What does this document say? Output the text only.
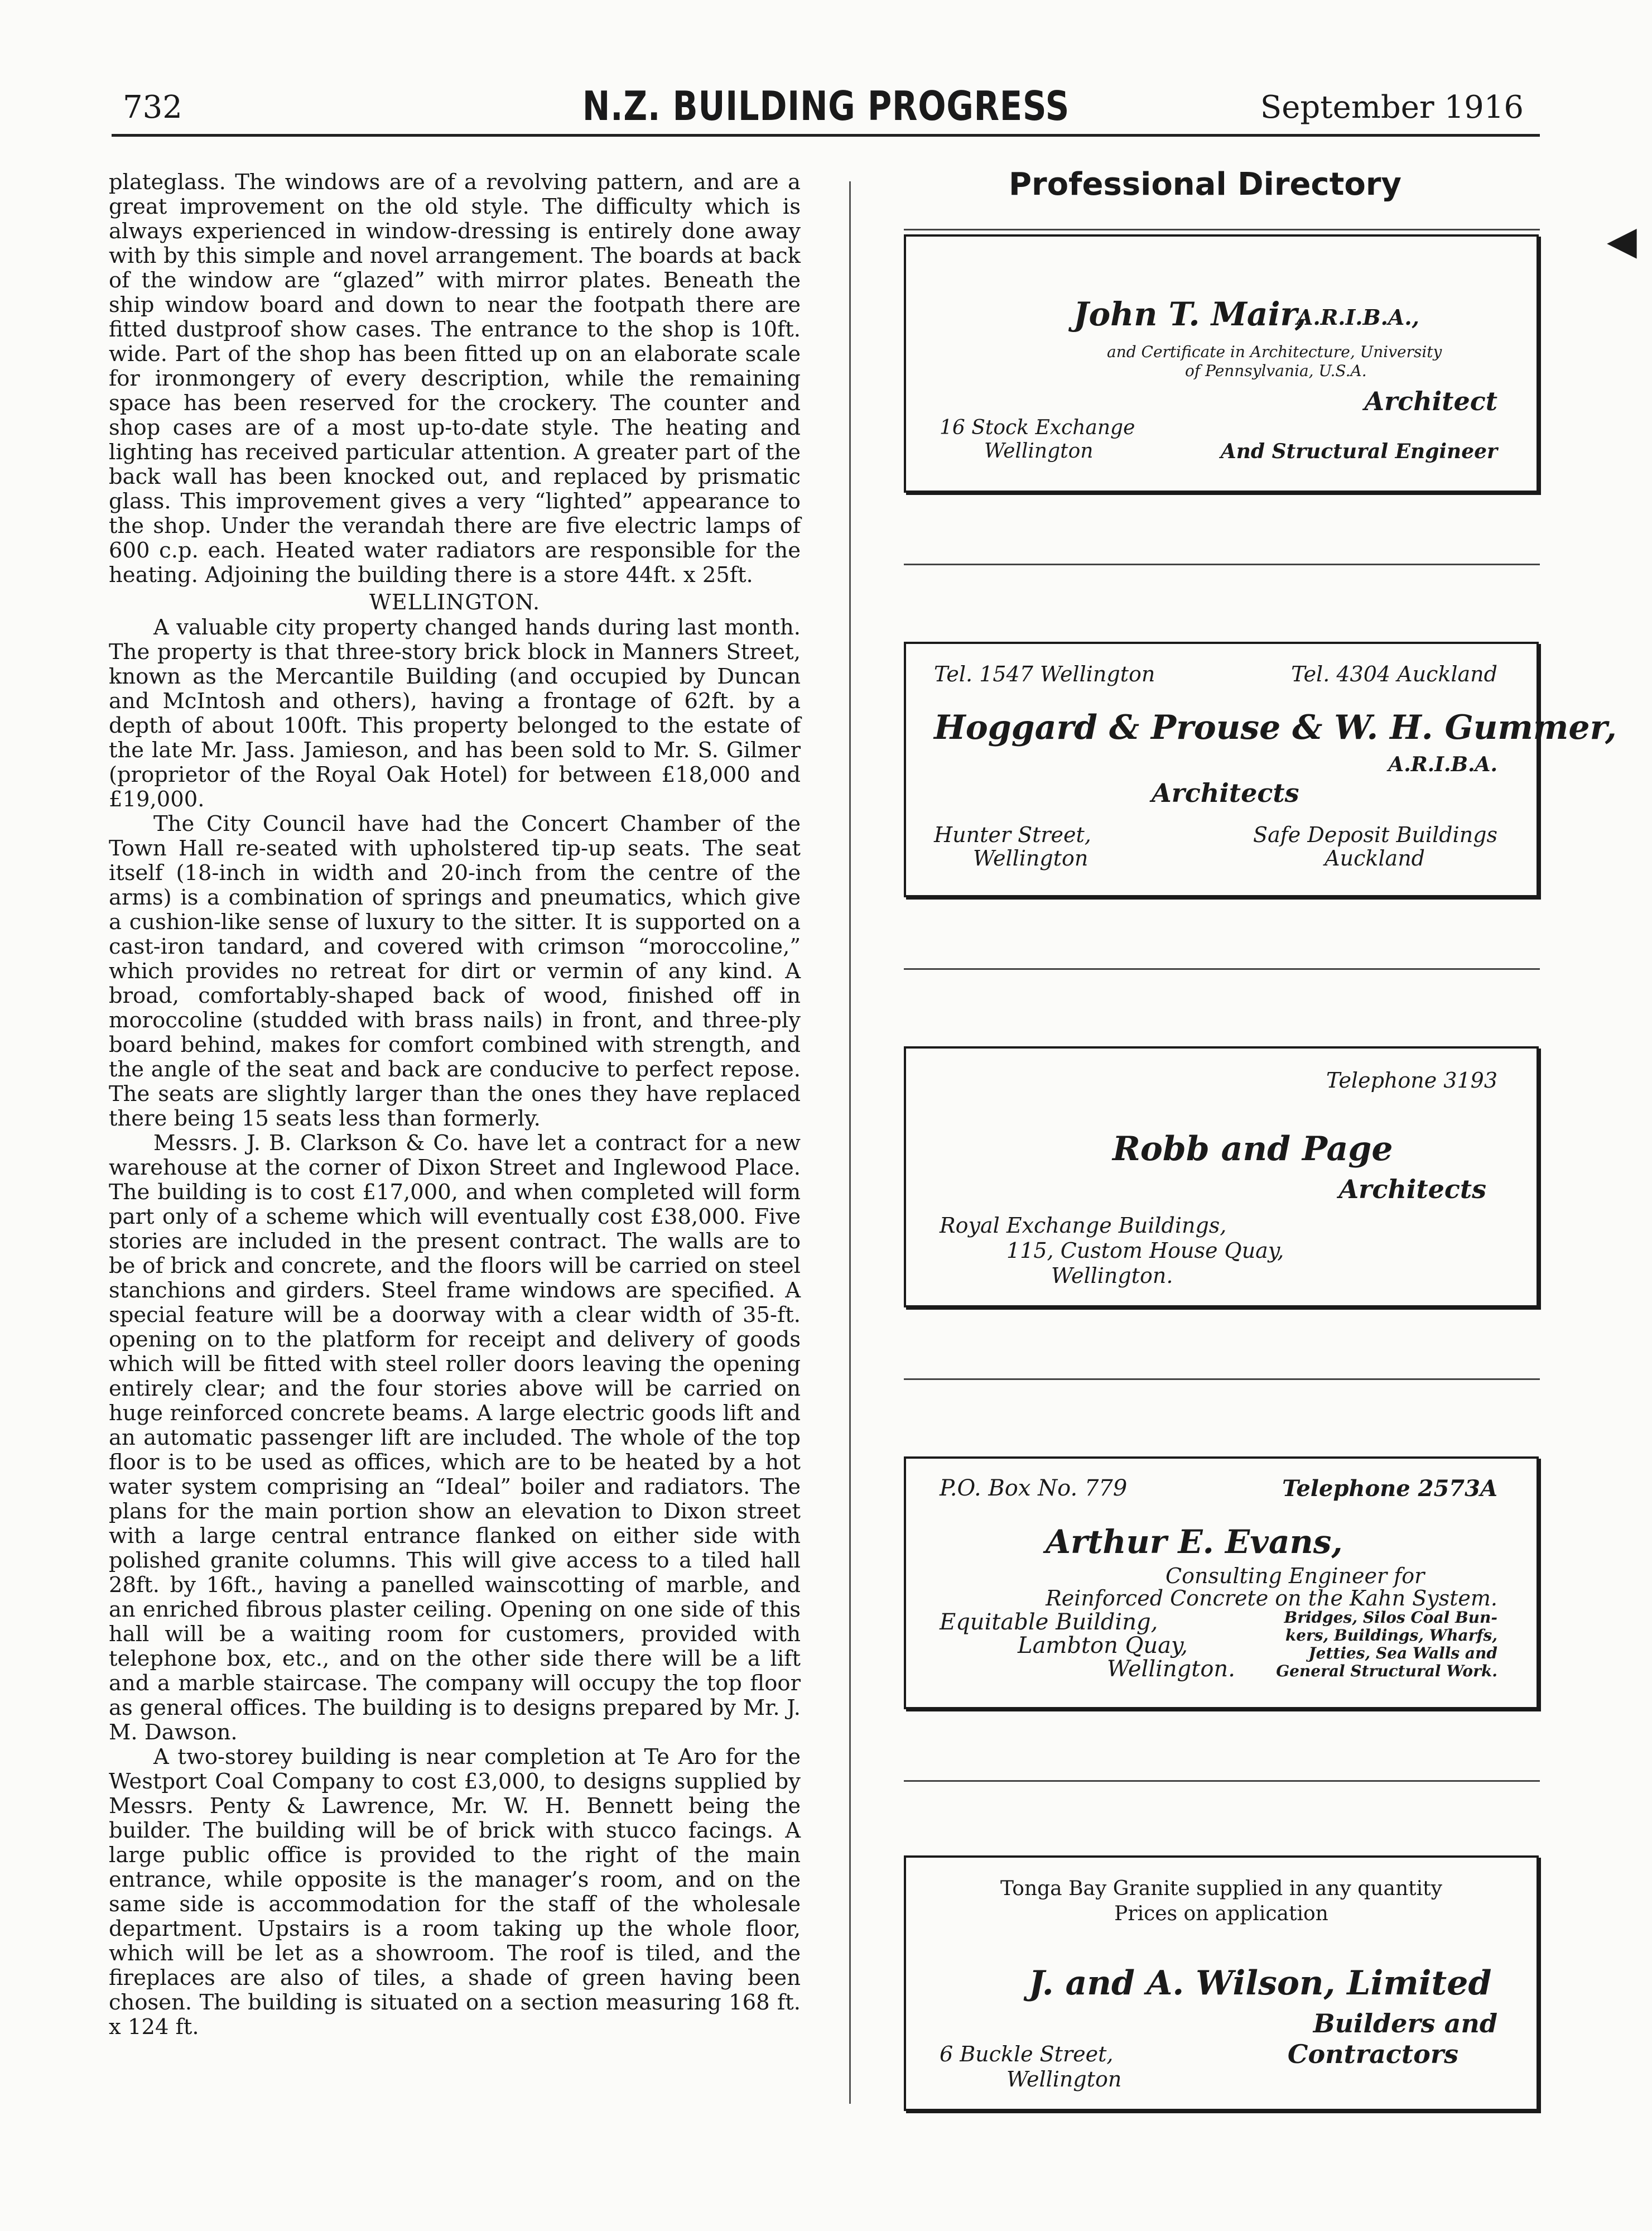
732	N.Z. BUILDING PROGRESS	September 1916

plateglass. The windows are of a revolving pattern, and are a great improvement on the old style. The difficulty which is always experienced in window-dressing is entirely done away with by this simple and novel arrangement. The boards at back of the window are “glazed” with mirror plates. Beneath the ship window board and down to near the footpath there are fitted dustproof show cases. The entrance to the shop is 10ft. wide. Part of the shop has been fitted up on an elaborate scale for ironmongery of every description, while the remaining space has been reserved for the crockery. The counter and shop cases are of a most up-to-date style. The heating and lighting has received particular attention. A greater part of the back wall has been knocked out, and replaced by prismatic glass. This improvement gives a very “lighted” appearance to the shop. Under the verandah there are five electric lamps of 600 c.p. each. Heated water radiators are responsible for the heating. Adjoining the building there is a store 44ft. x 25ft.

WELLINGTON.

A valuable city property changed hands during last month. The property is that three-story brick block in Manners Street, known as the Mercantile Building (and occupied by Duncan and McIntosh and others), having a frontage of 62ft. by a depth of about 100ft. This property belonged to the estate of the late Mr. Jass. Jamieson, and has been sold to Mr. S. Gilmer (proprietor of the Royal Oak Hotel) for between £18,000 and £19,000.

The City Council have had the Concert Chamber of the Town Hall re-seated with upholstered tip-up seats. The seat itself (18-inch in width and 20-inch from the centre of the arms) is a combination of springs and pneumatics, which give a cushion-like sense of luxury to the sitter. It is supported on a cast-iron tandard, and covered with crimson “moroccoline,” which provides no retreat for dirt or vermin of any kind. A broad, comfortably-shaped back of wood, finished off in moroccoline (studded with brass nails) in front, and three-ply board behind, makes for comfort combined with strength, and the angle of the seat and back are conducive to perfect repose. The seats are slightly larger than the ones they have replaced there being 15 seats less than formerly.

Messrs. J. B. Clarkson & Co. have let a contract for a new warehouse at the corner of Dixon Street and Inglewood Place. The building is to cost £17,000, and when completed will form part only of a scheme which will eventually cost £38,000. Five stories are included in the present contract. The walls are to be of brick and concrete, and the floors will be carried on steel stanchions and girders. Steel frame windows are specified. A special feature will be a doorway with a clear width of 35-ft. opening on to the platform for receipt and delivery of goods which will be fitted with steel roller doors leaving the opening entirely clear; and the four stories above will be carried on huge reinforced concrete beams. A large electric goods lift and an automatic passenger lift are included. The whole of the top floor is to be used as offices, which are to be heated by a hot water system comprising an “Ideal” boiler and radiators. The plans for the main portion show an elevation to Dixon street with a large central entrance flanked on either side with polished granite columns. This will give access to a tiled hall 28ft. by 16ft., having a panelled wainscotting of marble, and an enriched fibrous plaster ceiling. Opening on one side of this hall will be a waiting room for customers, provided with telephone box, etc., and on the other side there will be a lift and a marble staircase. The company will occupy the top floor as general offices. The building is to designs prepared by Mr. J. M. Dawson.

A two-storey building is near completion at Te Aro for the Westport Coal Company to cost £3,000, to designs supplied by Messrs. Penty & Lawrence, Mr. W. H. Bennett being the builder. The building will be of brick with stucco facings. A large public office is provided to the right of the main entrance, while opposite is the manager’s room, and on the same side is accommodation for the staff of the wholesale department. Upstairs is a room taking up the whole floor, which will be let as a showroom. The roof is tiled, and the fireplaces are also of tiles, a shade of green having been chosen. The building is situated on a section measuring 168 ft. x 124 ft.

Professional Directory
◀
John T. Mair,
A.R.I.B.A.,
and Certificate in Architecture, University
of Pennsylvania, U.S.A.
Architect
16 Stock Exchange
Wellington	And Structural Engineer
Tel. 1547 Wellington	Tel. 4304 Auckland
Hoggard & Prouse & W. H. Gummer,
A.R.I.B.A.
Architects
Hunter Street,
Wellington
Safe Deposit Buildings
Auckland
Telephone 3193
Robb and Page
Architects
Royal Exchange Buildings,
115, Custom House Quay,
Wellington.
P.O. Box No. 779	Telephone 2573A
Arthur E. Evans,
Consulting Engineer for
Reinforced Concrete on the Kahn System.
Equitable Building,
Lambton Quay,
Wellington.
Bridges, Silos Coal Bun-
kers, Buildings, Wharfs,
Jetties, Sea Walls and
General Structural Work.
Tonga Bay Granite supplied in any quantity
Prices on application
J. and A. Wilson, Limited
Builders and
Contractors
6 Buckle Street,
Wellington
